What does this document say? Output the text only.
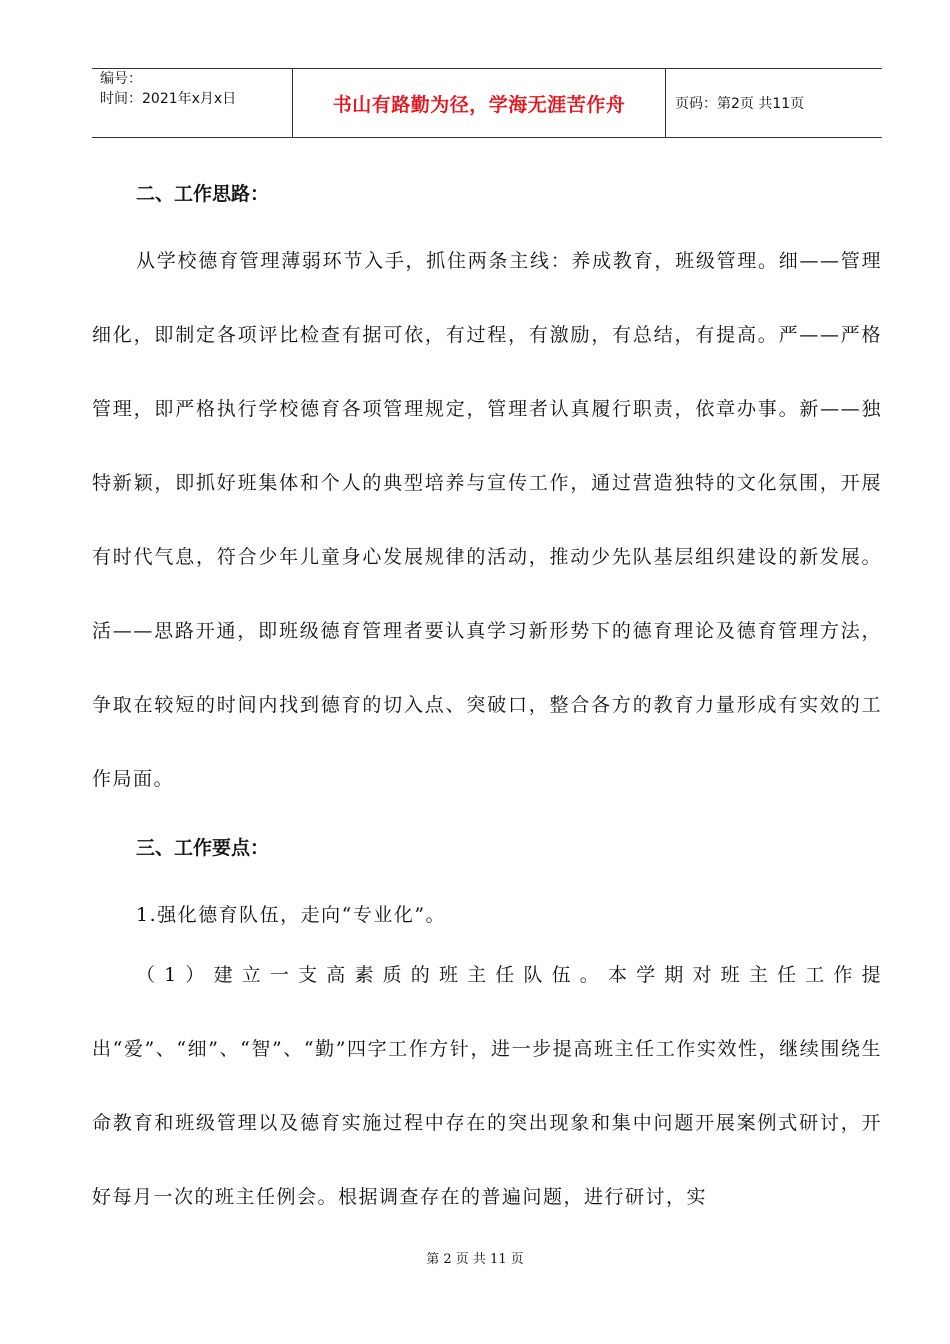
编号：
时间：2021年x月x日	书山有路勤为径，学海无涯苦作舟	页码：第2页 共11页
二、工作思路：

从学校德育管理薄弱环节入手，抓住两条主线：养成教育，班级管理。细——管理细化，即制定各项评比检查有据可依，有过程，有激励，有总结，有提高。严——严格管理，即严格执行学校德育各项管理规定，管理者认真履行职责，依章办事。新——独特新颖，即抓好班集体和个人的典型培养与宣传工作，通过营造独特的文化氛围，开展有时代气息，符合少年儿童身心发展规律的活动，推动少先队基层组织建设的新发展。活——思路开通，即班级德育管理者要认真学习新形势下的德育理论及德育管理方法，争取在较短的时间内找到德育的切入点、突破口，整合各方的教育力量形成有实效的工作局面。

三、工作要点：

1.强化德育队伍，走向“专业化”。

（1）建立一支高素质的班主任队伍。本学期对班主任工作提出“爱”、“细”、“智”、“勤”四字工作方针，进一步提高班主任工作实效性，继续围绕生命教育和班级管理以及德育实施过程中存在的突出现象和集中问题开展案例式研讨，开好每月一次的班主任例会。根据调查存在的普遍问题，进行研讨，实

第 2 页 共 11 页
